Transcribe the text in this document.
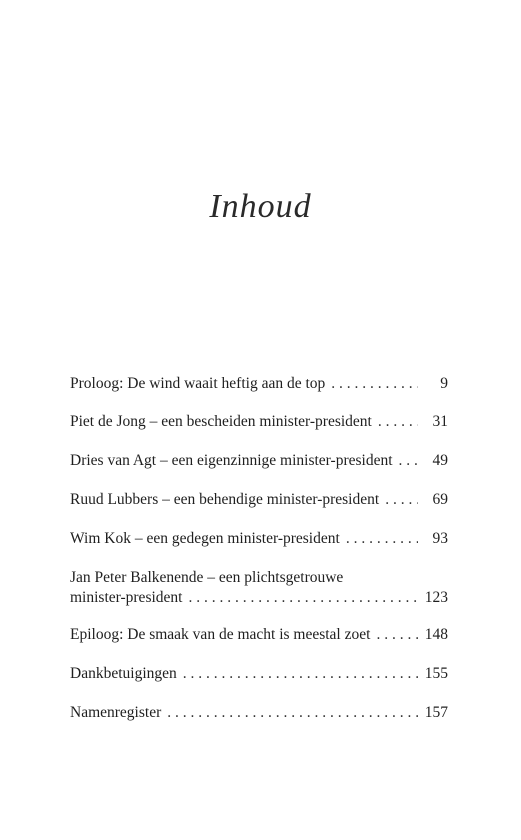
Inhoud
Proloog: De wind waait heftig aan de top . . .	9
Piet de Jong – een bescheiden minister-president . . .	31
Dries van Agt – een eigenzinnige minister-president . . .	49
Ruud Lubbers – een behendige minister-president . . .	69
Wim Kok – een gedegen minister-president . . .	93
Jan Peter Balkenende – een plichtsgetrouwe
minister-president . . .	123
Epiloog: De smaak van de macht is meestal zoet . . .	148
Dankbetuigingen . . .	155
Namenregister . . .	157
